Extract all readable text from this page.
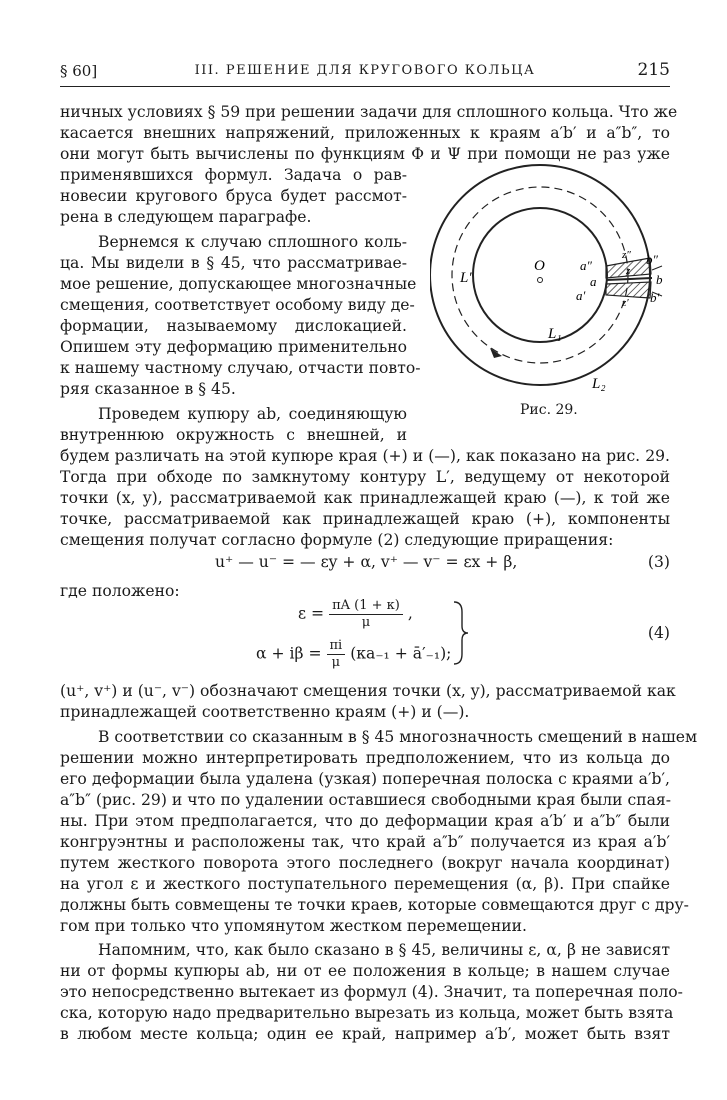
§ 60]	III. РЕШЕНИЕ ДЛЯ КРУГОВОГО КОЛЬЦА	215
ничных условиях § 59 при решении задачи для сплошного кольца. Что же
касается внешних напряжений, приложенных к краям a′b′ и a″b″, то
они могут быть вычислены по функциям Φ и Ψ при помощи не раз уже
применявшихся формул. Задача о рав-
новесии кругового бруса будет рассмот-
рена в следующем параграфе.
Вернемся к случаю сплошного коль-
ца. Мы видели в § 45, что рассматривае-
мое решение, допускающее многозначные
смещения, соответствует особому виду де-
формации, называемому дислокацией.
Опишем эту деформацию применительно
к нашему частному случаю, отчасти повто-
ряя сказанное в § 45.
Проведем купюру ab, соединяющую
внутреннюю окружность с внешней, и
O
L₁
L₂
L′
a″
a
a′
b″
b
b′
z″
z
z′
Рис. 29.
будем различать на этой купюре края (+) и (—), как показано на рис. 29.
Тогда при обходе по замкнутому контуру L′, ведущему от некоторой
точки (x, y), рассматриваемой как принадлежащей краю (—), к той же
точке, рассматриваемой как принадлежащей краю (+), компоненты
смещения получат согласно формуле (2) следующие приращения:
u⁺ — u⁻ = — εy + α, v⁺ — v⁻ = εx + β,	(3)
где положено:
$\varepsilon = \frac{\pi A (1 + \kappa)}{\mu}$ ,
$\alpha + i\beta = \frac{\pi i}{\mu} (\kappa a_{-1}$ + ā′₋₁);
(4)
(u⁺, v⁺) и (u⁻, v⁻) обозначают смещения точки (x, y), рассматриваемой как
принадлежащей соответственно краям (+) и (—).
В соответствии со сказанным в § 45 многозначность смещений в нашем
решении можно интерпретировать предположением, что из кольца до
его деформации была удалена (узкая) поперечная полоска с краями a′b′,
a″b″ (рис. 29) и что по удалении оставшиеся свободными края были спая-
ны. При этом предполагается, что до деформации края a′b′ и a″b″ были
конгруэнтны и расположены так, что край a″b″ получается из края a′b′
путем жесткого поворота этого последнего (вокруг начала координат)
на угол ε и жесткого поступательного перемещения (α, β). При спайке
должны быть совмещены те точки краев, которые совмещаются друг с дру-
гом при только что упомянутом жестком перемещении.
Напомним, что, как было сказано в § 45, величины ε, α, β не зависят
ни от формы купюры ab, ни от ее положения в кольце; в нашем случае
это непосредственно вытекает из формул (4). Значит, та поперечная поло-
ска, которую надо предварительно вырезать из кольца, может быть взята
в любом месте кольца; один ее край, например a′b′, может быть взят
